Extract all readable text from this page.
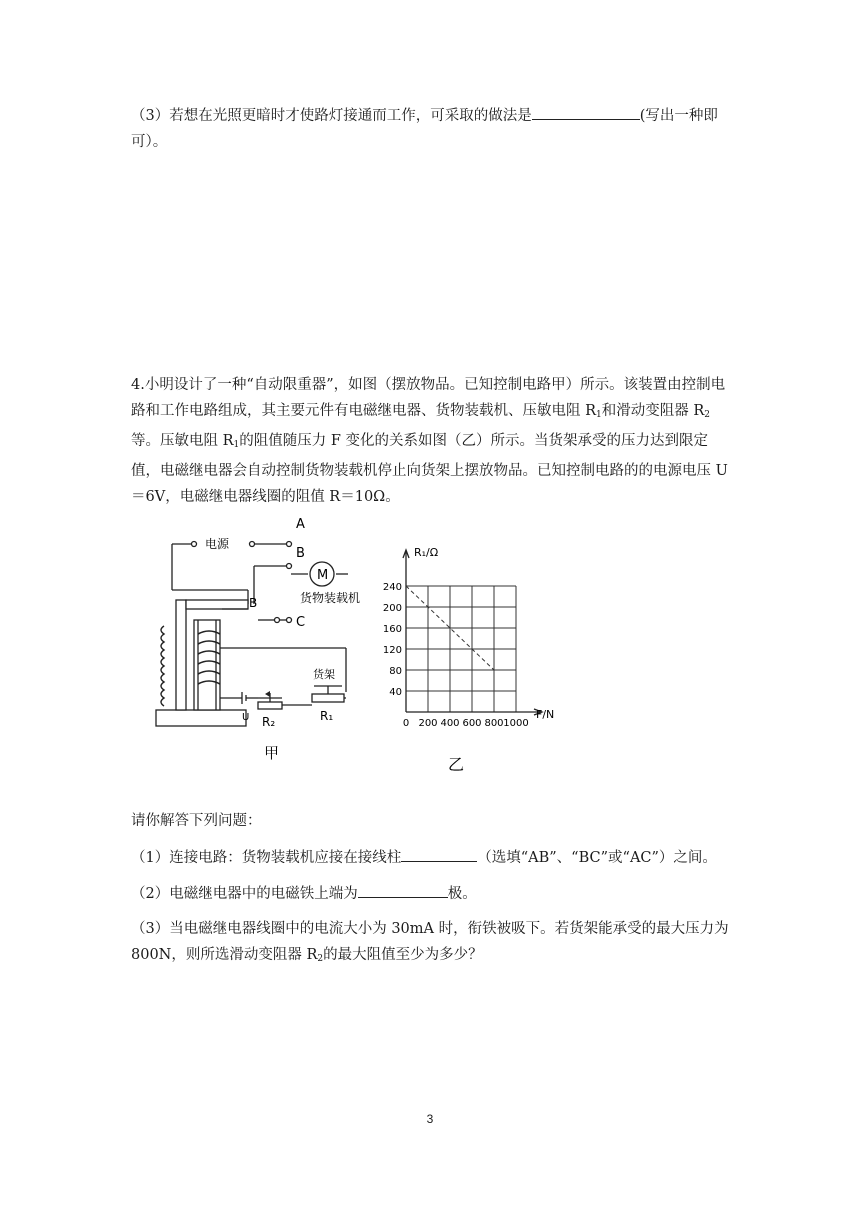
（3）若想在光照更暗时才使路灯接通而工作，可采取的做法是	(写出一种即可）。

4.小明设计了一种“自动限重器”，如图（摆放物品。已知控制电路甲）所示。该装置由控制电路和工作电路组成，其主要元件有电磁继电器、货物装载机、压敏电阻 $R_1$和滑动变阻器 $R_2$等。压敏电阻 $R_1$的阻值随压力 F 变化的关系如图（乙）所示。当货架承受的压力达到限定值，电磁继电器会自动控制货物装载机停止向货架上摆放物品。已知控制电路的的电源电压 U＝6V，电磁继电器线圈的阻值 R＝10Ω。

电源
A
B
B
C
M
货物装载机
货架
R₁
R₂
U
甲
0 200 400 600 800 1000
40
80
120
160
200
240
R₁/Ω
F/N
乙

请你解答下列问题：

（1）连接电路：货物装载机应接在接线柱	（选填“AB”、“BC”或“AC”）之间。

（2）电磁继电器中的电磁铁上端为	极。

（3）当电磁继电器线圈中的电流大小为 30mA 时，衔铁被吸下。若货架能承受的最大压力为 800N，则所选滑动变阻器 $R_2$的最大阻值至少为多少？

3
